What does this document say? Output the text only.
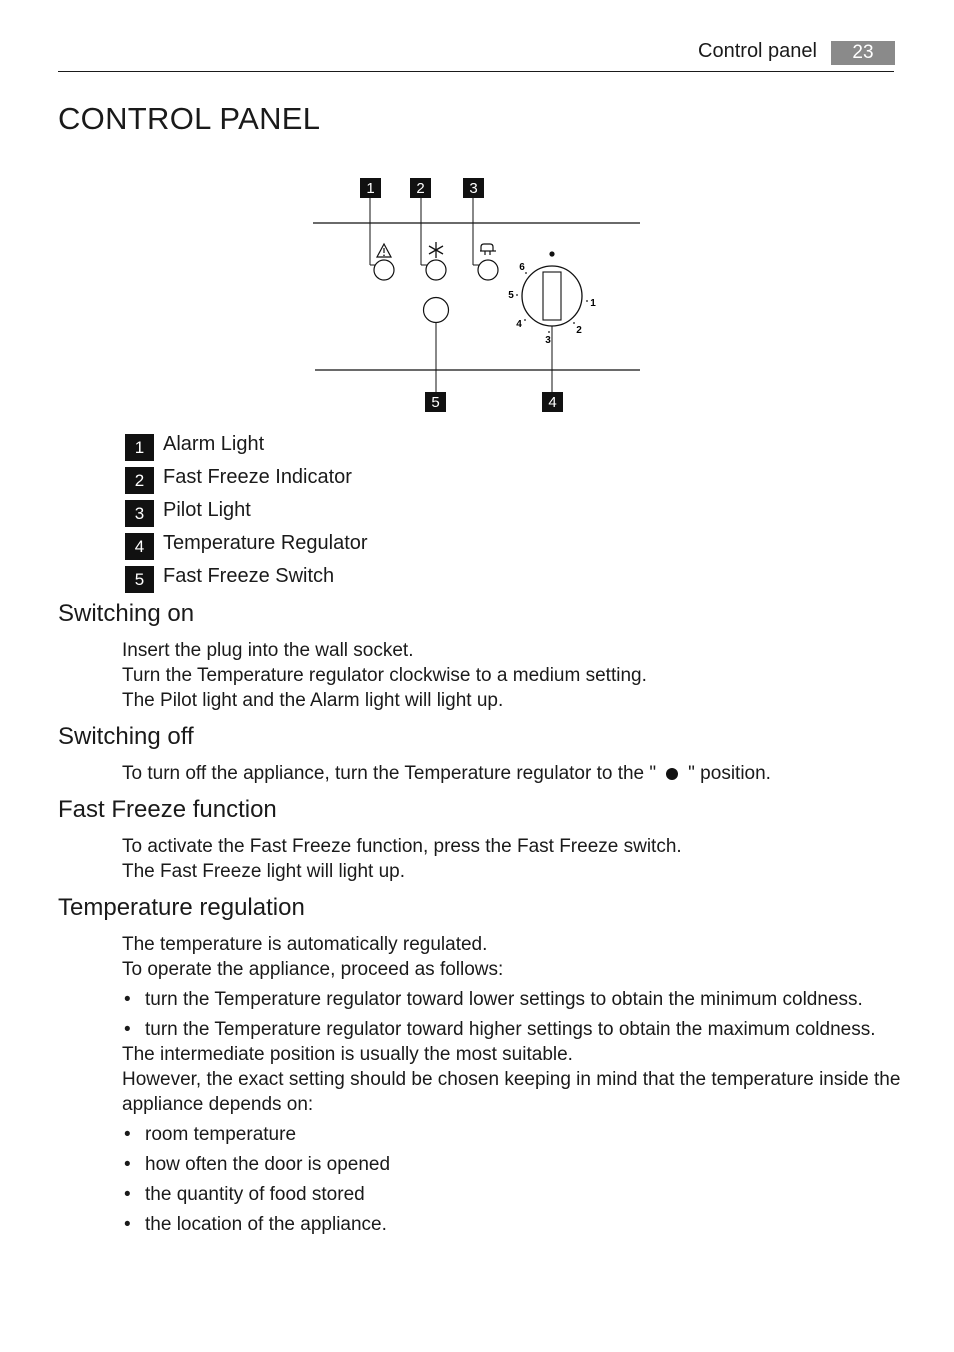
Control panel	23
CONTROL PANEL
1	2	3
6
5
4
3
2
1
5	4
1 Alarm Light
2 Fast Freeze Indicator
3 Pilot Light
4 Temperature Regulator
5 Fast Freeze Switch
Switching on

Insert the plug into the wall socket.

Turn the Temperature regulator clockwise to a medium setting.

The Pilot light and the Alarm light will light up.

Switching off

To turn off the appliance, turn the Temperature regulator to the " " position.

Fast Freeze function

To activate the Fast Freeze function, press the Fast Freeze switch.

The Fast Freeze light will light up.

Temperature regulation

The temperature is automatically regulated.

To operate the appliance, proceed as follows:

• turn the Temperature regulator toward lower settings to obtain the minimum coldness.
• turn the Temperature regulator toward higher settings to obtain the maximum coldness.

The intermediate position is usually the most suitable.

However, the exact setting should be chosen keeping in mind that the temperature inside the appliance depends on:

• room temperature
• how often the door is opened
• the quantity of food stored
• the location of the appliance.
